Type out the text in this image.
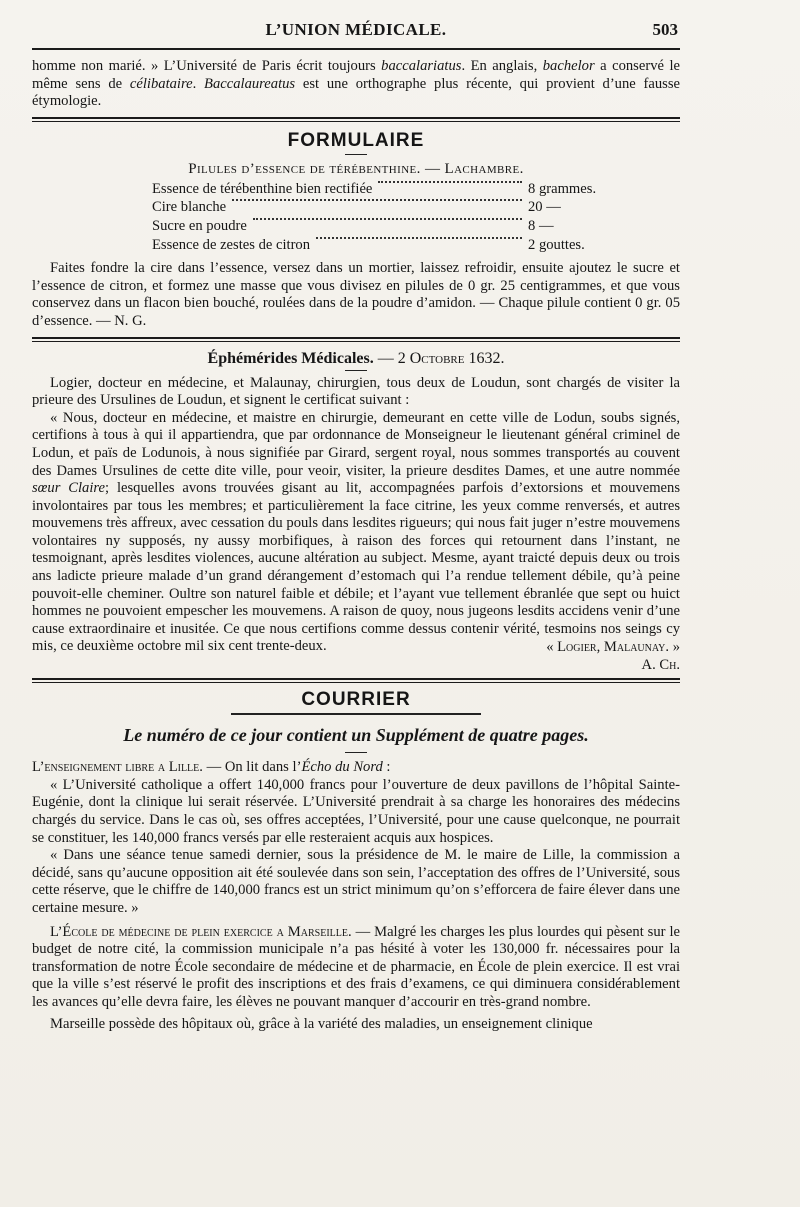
L’UNION MÉDICALE.	503

homme non marié. » L’Université de Paris écrit toujours baccalariatus. En anglais, bachelor a conservé le même sens de célibataire. Baccalaureatus est une orthographe plus récente, qui provient d’une fausse étymologie.

FORMULAIRE
Pilules d’essence de térébenthine. — Lachambre.
Essence de térébenthine bien rectifiée	8 grammes.
Cire blanche	20 —
Sucre en poudre	8 —
Essence de zestes de citron	2 gouttes.

Faites fondre la cire dans l’essence, versez dans un mortier, laissez refroidir, ensuite ajoutez le sucre et l’essence de citron, et formez une masse que vous divisez en pilules de 0 gr. 25 centigrammes, et que vous conservez dans un flacon bien bouché, roulées dans de la poudre d’amidon. — Chaque pilule contient 0 gr. 05 d’essence. — N. G.

Éphémérides Médicales. — 2 Octobre 1632.

Logier, docteur en médecine, et Malaunay, chirurgien, tous deux de Loudun, sont chargés de visiter la prieure des Ursulines de Loudun, et signent le certificat suivant :

« Nous, docteur en médecine, et maistre en chirurgie, demeurant en cette ville de Lodun, soubs signés, certifions à tous à qui il appartiendra, que par ordonnance de Monseigneur le lieutenant général criminel de Lodun, et païs de Lodunois, à nous signifiée par Girard, sergent royal, nous sommes transportés au couvent des Dames Ursulines de cette dite ville, pour veoir, visiter, la prieure desdites Dames, et une autre nommée sœur Claire; lesquelles avons trouvées gisant au lit, accompagnées parfois d’extorsions et mouvemens involontaires par tous les membres; et particulièrement la face citrine, les yeux comme renversés, et autres mouvemens très affreux, avec cessation du pouls dans lesdites rigueurs; qui nous fait juger n’estre mouvemens volontaires ny supposés, ny aussy morbifiques, à raison des forces qui retournent dans l’instant, ne tesmoignant, après lesdites violences, aucune altération au subject. Mesme, ayant traicté depuis deux ou trois ans ladicte prieure malade d’un grand dérangement d’estomach qui l’a rendue tellement débile, qu’à peine pouvoit-elle cheminer. Oultre son naturel faible et débile; et l’ayant vue tellement ébranlée que sept ou huict hommes ne pouvoient empescher les mouvemens. A raison de quoy, nous jugeons lesdits accidens venir d’une cause extraordinaire et inusitée. Ce que nous certifions comme dessus contenir vérité, tesmoins nos seings cy mis, ce deuxième octobre mil six cent trente-deux.	« Logier, Malaunay. »
A. Ch.
COURRIER
Le numéro de ce jour contient un Supplément de quatre pages.

L’enseignement libre a Lille. — On lit dans l’Écho du Nord :

« L’Université catholique a offert 140,000 francs pour l’ouverture de deux pavillons de l’hôpital Sainte-Eugénie, dont la clinique lui serait réservée. L’Université prendrait à sa charge les honoraires des médecins chargés du service. Dans le cas où, ses offres acceptées, l’Université, pour une cause quelconque, ne pourrait se constituer, les 140,000 francs versés par elle resteraient acquis aux hospices.

« Dans une séance tenue samedi dernier, sous la présidence de M. le maire de Lille, la commission a décidé, sans qu’aucune opposition ait été soulevée dans son sein, l’acceptation des offres de l’Université, sous cette réserve, que le chiffre de 140,000 francs est un strict minimum qu’on s’efforcera de faire élever dans une certaine mesure. »

L’École de médecine de plein exercice a Marseille. — Malgré les charges les plus lourdes qui pèsent sur le budget de notre cité, la commission municipale n’a pas hésité à voter les 130,000 fr. nécessaires pour la transformation de notre École secondaire de médecine et de pharmacie, en École de plein exercice. Il est vrai que la ville s’est réservé le profit des inscriptions et des frais d’examens, ce qui diminuera considérablement les avances qu’elle devra faire, les élèves ne pouvant manquer d’accourir en très-grand nombre.

Marseille possède des hôpitaux où, grâce à la variété des maladies, un enseignement clinique
